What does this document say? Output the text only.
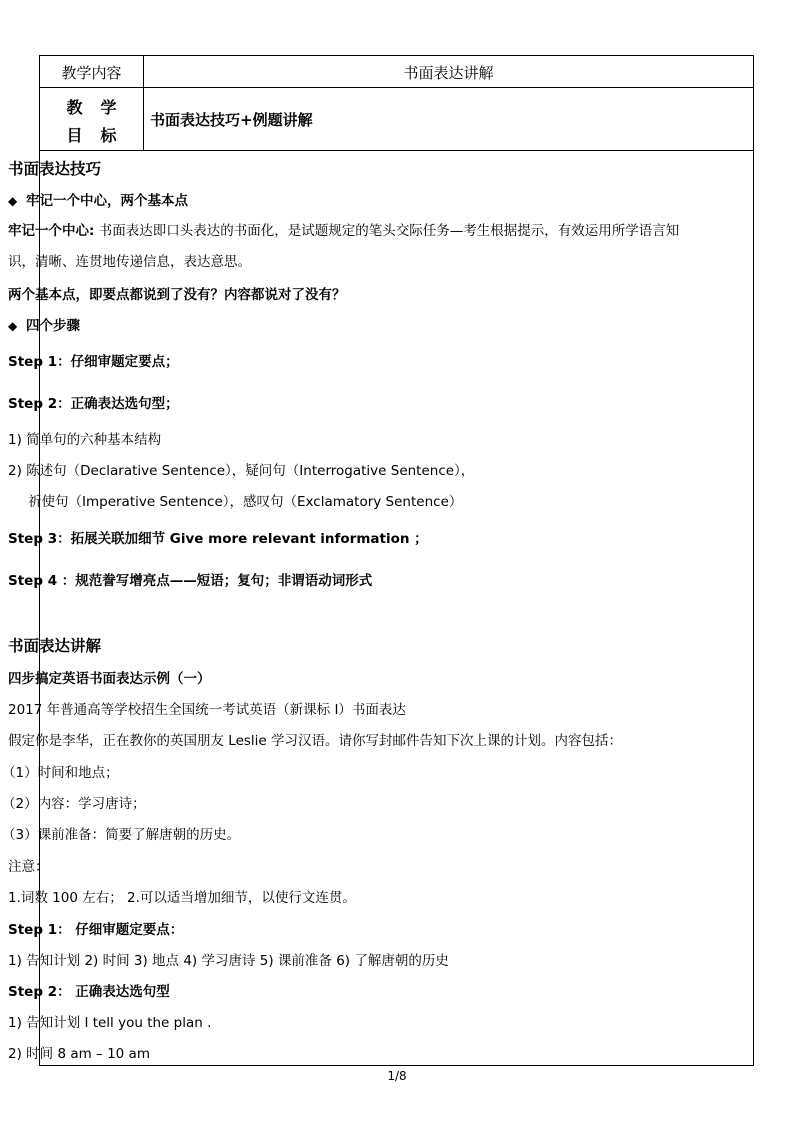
教学内容	书面表达讲解
教学
目标
书面表达技巧+例题讲解
书面表达技巧
◆ 牢记一个中心，两个基本点
牢记一个中心: 书面表达即口头表达的书面化，是试题规定的笔头交际任务—考生根据提示，有效运用所学语言知
识，清晰、连贯地传递信息，表达意思。
两个基本点，即要点都说到了没有？内容都说对了没有？
◆ 四个步骤
Step 1：仔细审题定要点；
Step 2：正确表达选句型；
1) 简单句的六种基本结构
2) 陈述句（Declarative Sentence），疑问句（Interrogative Sentence），
祈使句（Imperative Sentence），感叹句（Exclamatory Sentence）
Step 3：拓展关联加细节 Give more relevant information ；
Step 4 ：规范誊写增亮点——短语；复句；非谓语动词形式
书面表达讲解
四步搞定英语书面表达示例（一）
2017 年普通高等学校招生全国统一考试英语（新课标 I）书面表达
假定你是李华，正在教你的英国朋友 Leslie 学习汉语。请你写封邮件告知下次上课的计划。内容包括：
（1）时间和地点；
（2）内容：学习唐诗；
（3）课前准备：简要了解唐朝的历史。
注意：
1.词数 100 左右； 2.可以适当增加细节，以使行文连贯。
Step 1： 仔细审题定要点：
1) 告知计划 2) 时间 3) 地点 4) 学习唐诗 5) 课前准备 6) 了解唐朝的历史
Step 2： 正确表达选句型
1) 告知计划 I tell you the plan .
2) 时间 8 am – 10 am
1/8
